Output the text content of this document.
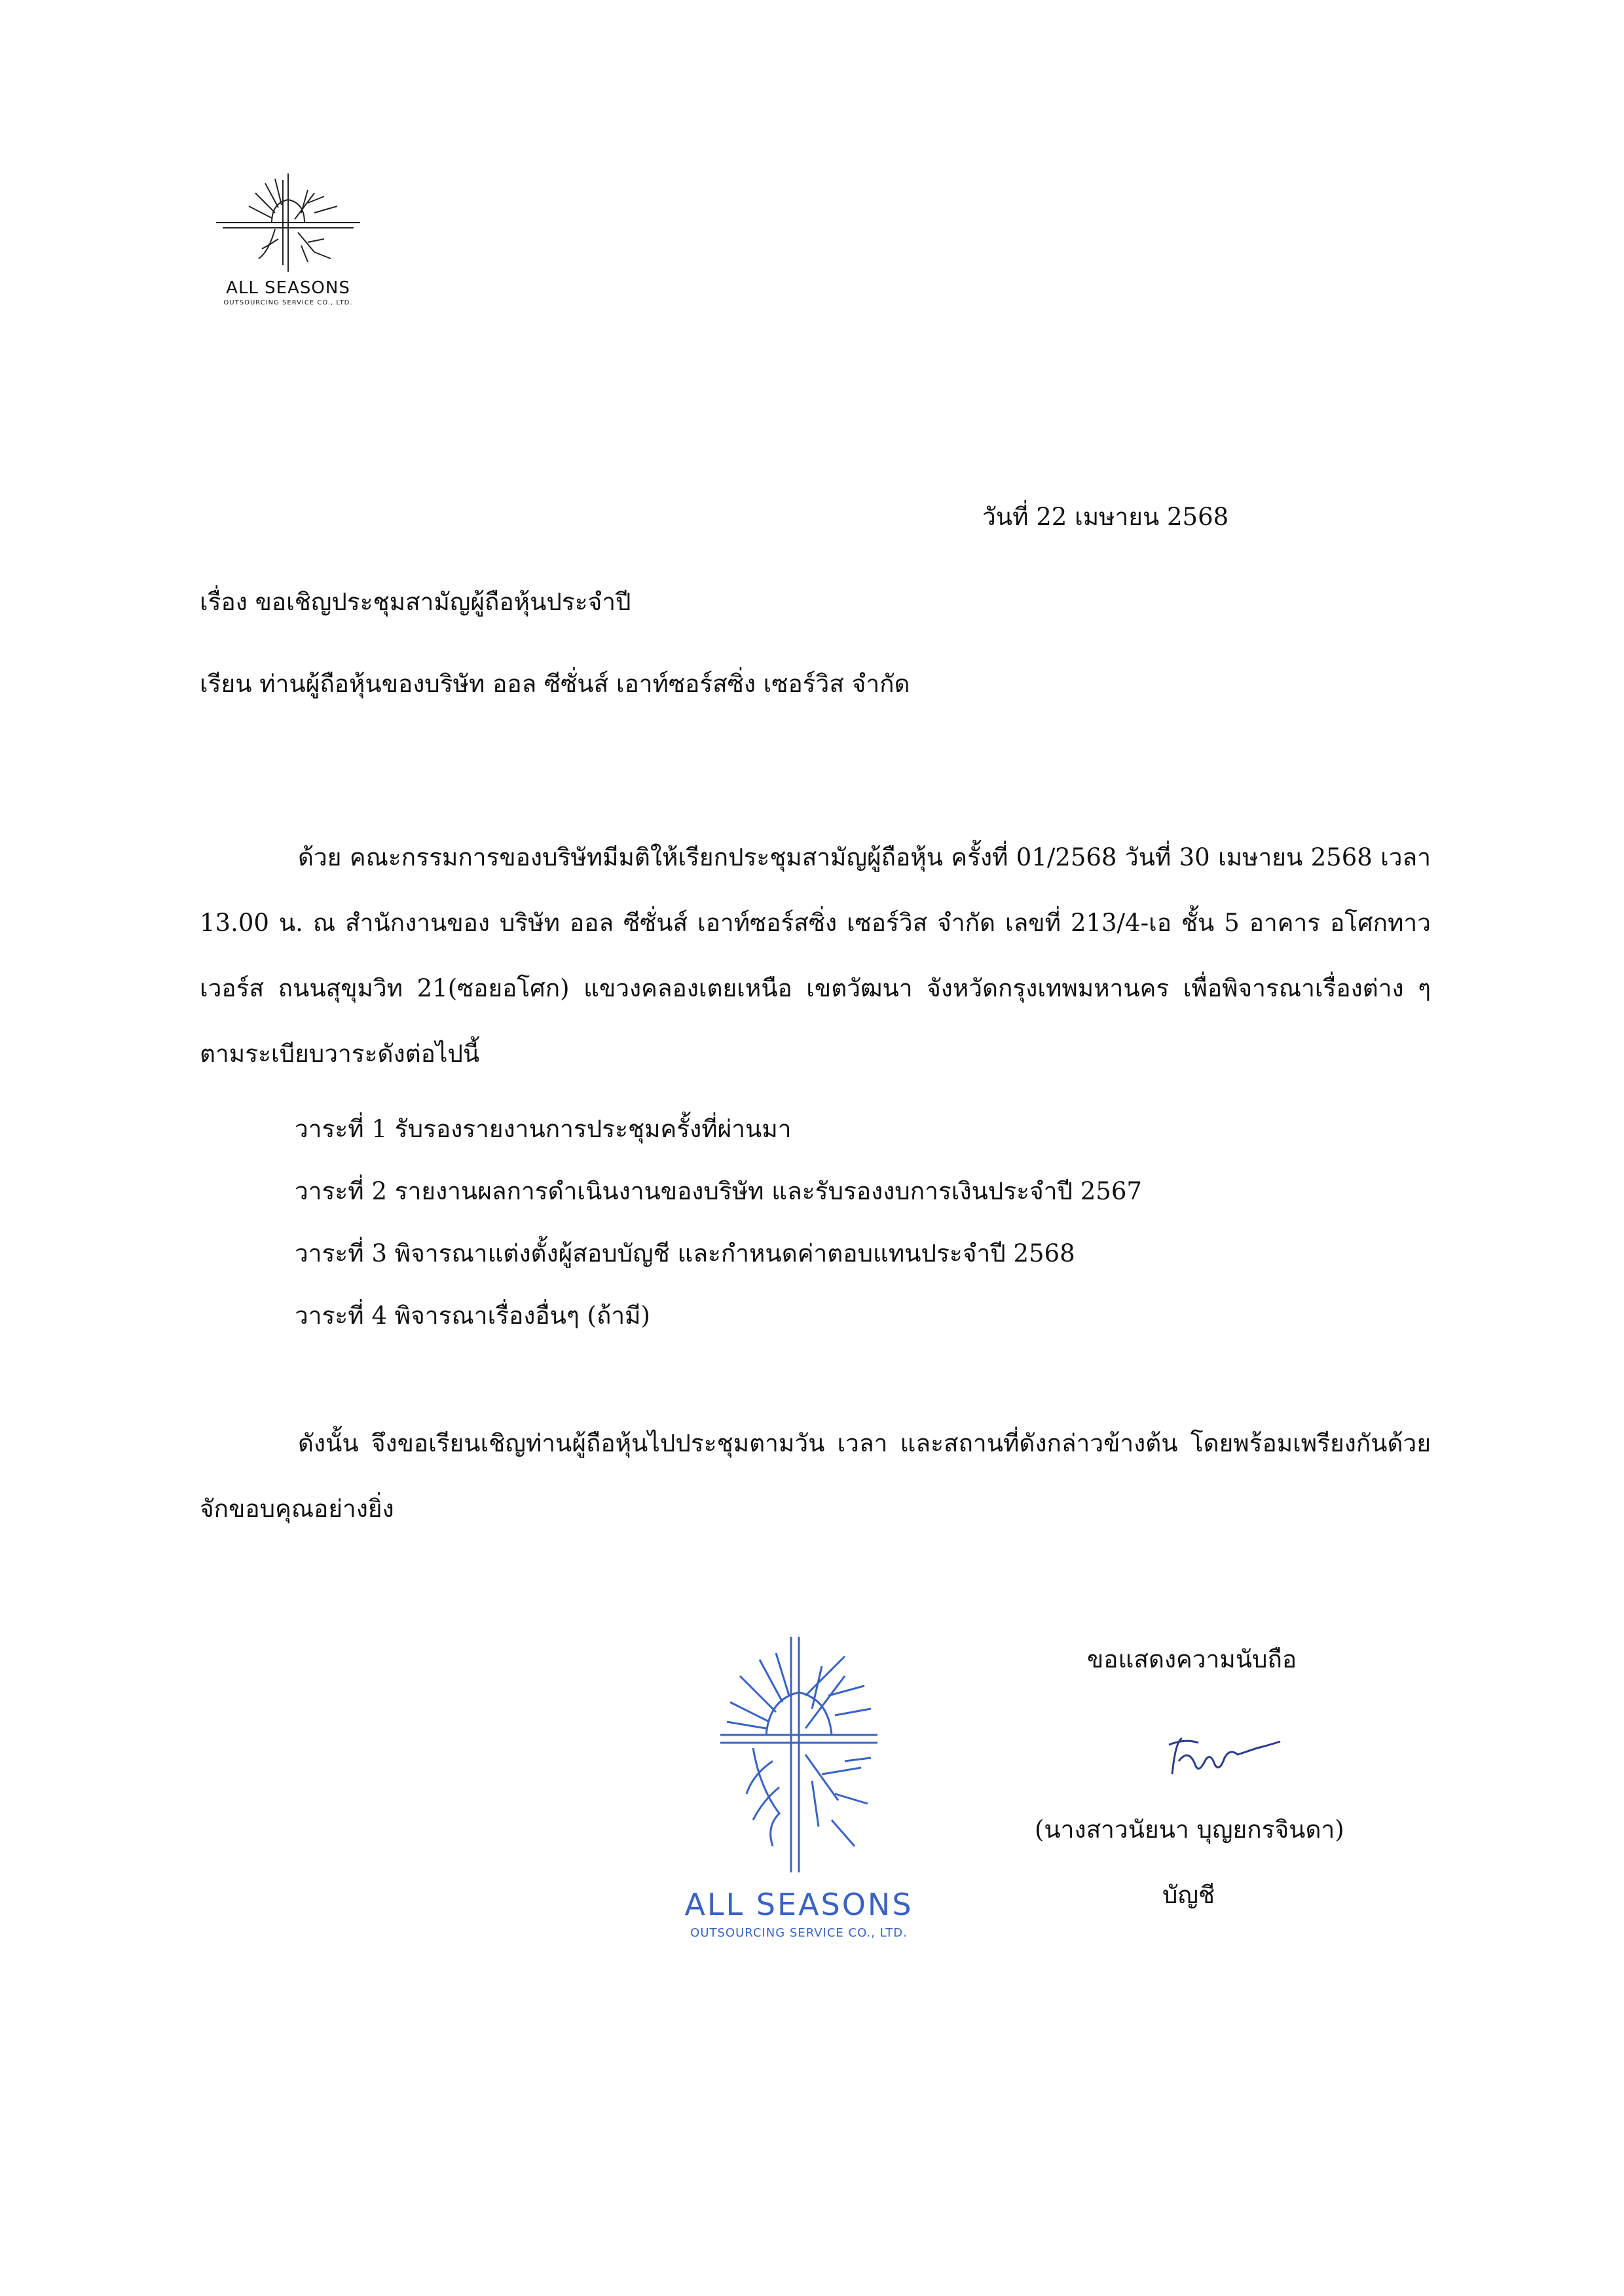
ALL SEASONS
OUTSOURCING SERVICE CO., LTD.
วันที่ 22 เมษายน 2568
เรื่อง ขอเชิญประชุมสามัญผู้ถือหุ้นประจำปี
เรียน ท่านผู้ถือหุ้นของบริษัท ออล ซีซั่นส์ เอาท์ซอร์สซิ่ง เซอร์วิส จำกัด
ด้วย คณะกรรมการของบริษัทมีมติให้เรียกประชุมสามัญผู้ถือหุ้น ครั้งที่ 01/2568 วันที่ 30 เมษายน 2568 เวลา 13.00 น. ณ สำนักงานของ บริษัท ออล ซีซั่นส์ เอาท์ซอร์สซิ่ง เซอร์วิส จำกัด เลขที่ 213/4-เอ ชั้น 5 อาคาร อโศกทาวเวอร์ส ถนนสุขุมวิท 21(ซอยอโศก) แขวงคลองเตยเหนือ เขตวัฒนา จังหวัดกรุงเทพมหานคร เพื่อพิจารณาเรื่องต่าง ๆ ตามระเบียบวาระดังต่อไปนี้
วาระที่ 1 รับรองรายงานการประชุมครั้งที่ผ่านมา
วาระที่ 2 รายงานผลการดำเนินงานของบริษัท และรับรองงบการเงินประจำปี 2567
วาระที่ 3 พิจารณาแต่งตั้งผู้สอบบัญชี และกำหนดค่าตอบแทนประจำปี 2568
วาระที่ 4 พิจารณาเรื่องอื่นๆ (ถ้ามี)
ดังนั้น จึงขอเรียนเชิญท่านผู้ถือหุ้นไปประชุมตามวัน เวลา และสถานที่ดังกล่าวข้างต้น โดยพร้อมเพรียงกันด้วย จักขอบคุณอย่างยิ่ง
ขอแสดงความนับถือ
(นางสาวนัยนา บุญยกรจินดา)
บัญชี
ALL SEASONS
OUTSOURCING SERVICE CO., LTD.
